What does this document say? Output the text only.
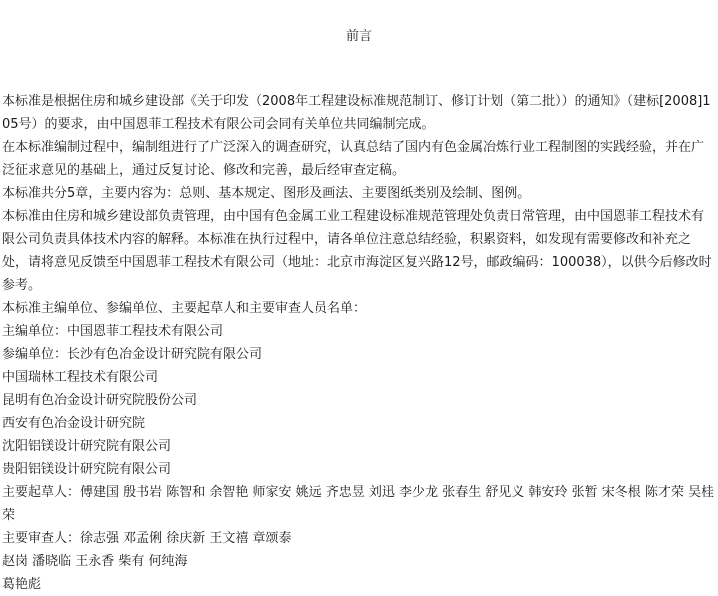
前言

本标准是根据住房和城乡建设部《关于印发（2008年工程建设标准规范制订、修订计划（第二批））的通知》（建标[2008]105号）的要求，由中国恩菲工程技术有限公司会同有关单位共同编制完成。

在本标准编制过程中，编制组进行了广泛深入的调查研究，认真总结了国内有色金属冶炼行业工程制图的实践经验，并在广泛征求意见的基础上，通过反复讨论、修改和完善，最后经审查定稿。

本标准共分5章，主要内容为：总则、基本规定、图形及画法、主要图纸类别及绘制、图例。

本标准由住房和城乡建设部负责管理，由中国有色金属工业工程建设标准规范管理处负责日常管理，由中国恩菲工程技术有限公司负责具体技术内容的解释。本标准在执行过程中，请各单位注意总结经验，积累资料，如发现有需要修改和补充之处，请将意见反馈至中国恩菲工程技术有限公司（地址：北京市海淀区复兴路12号，邮政编码：100038），以供今后修改时参考。

本标准主编单位、参编单位、主要起草人和主要审查人员名单：

主编单位：中国恩菲工程技术有限公司

参编单位：长沙有色冶金设计研究院有限公司

中国瑞林工程技术有限公司

昆明有色冶金设计研究院股份公司

西安有色冶金设计研究院

沈阳铝镁设计研究院有限公司

贵阳铝镁设计研究院有限公司

主要起草人：傅建国 殷书岩 陈智和 余智艳 师家安 姚远 齐忠昱 刘迅 李少龙 张春生 舒见义 韩安玲 张暂 宋冬根 陈才荣 吴桂荣

主要审查人：徐志强 邓孟俐 徐庆新 王文禧 章颂泰

赵岗 潘晓临 王永香 柴有 何纯海

葛艳彪
